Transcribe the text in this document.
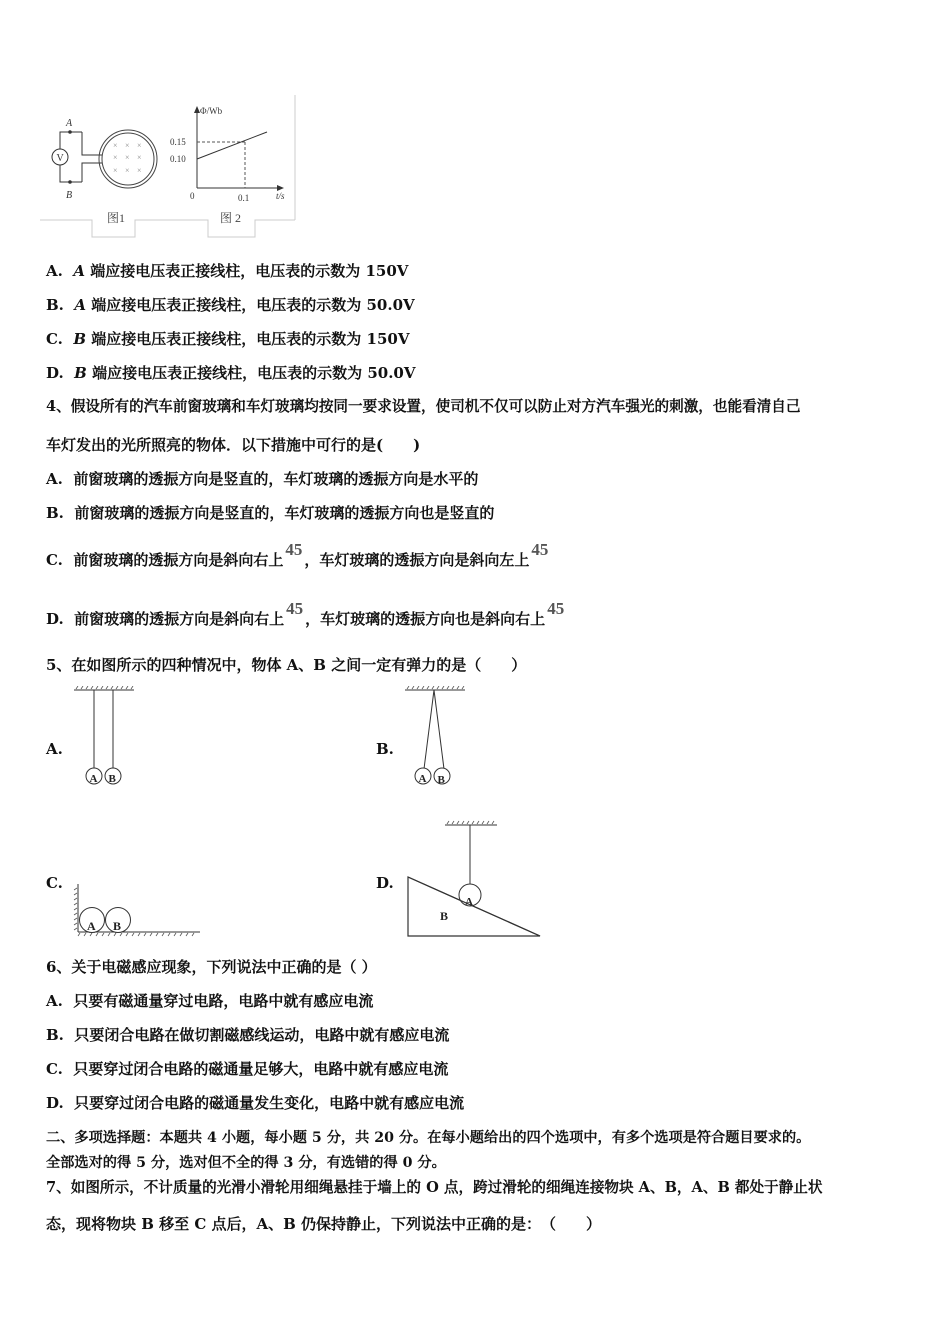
V
A
B
× × ×
× × ×
× × ×
图1
Φ/Wb
t/s
0
0.15
0.10
0.1
图 2
A. A 端应接电压表正接线柱，电压表的示数为 150V
B. A 端应接电压表正接线柱，电压表的示数为 50.0V
C. B 端应接电压表正接线柱，电压表的示数为 150V
D. B 端应接电压表正接线柱，电压表的示数为 50.0V
4、假设所有的汽车前窗玻璃和车灯玻璃均按同一要求设置，使司机不仅可以防止对方汽车强光的刺激，也能看清自己
车灯发出的光所照亮的物体．以下措施中可行的是(　　)
A. 前窗玻璃的透振方向是竖直的，车灯玻璃的透振方向是水平的
B. 前窗玻璃的透振方向是竖直的，车灯玻璃的透振方向也是竖直的
C. 前窗玻璃的透振方向是斜向右上45，车灯玻璃的透振方向是斜向左上45
D. 前窗玻璃的透振方向是斜向右上45，车灯玻璃的透振方向也是斜向右上45
5、在如图所示的四种情况中，物体 A、B 之间一定有弹力的是（　　）
A.
A B
B.
A B
C.
A B
D.
A
B
6、关于电磁感应现象，下列说法中正确的是（ ）
A. 只要有磁通量穿过电路，电路中就有感应电流
B. 只要闭合电路在做切割磁感线运动，电路中就有感应电流
C. 只要穿过闭合电路的磁通量足够大，电路中就有感应电流
D. 只要穿过闭合电路的磁通量发生变化，电路中就有感应电流
二、多项选择题：本题共 4 小题，每小题 5 分，共 20 分。在每小题给出的四个选项中，有多个选项是符合题目要求的。
全部选对的得 5 分，选对但不全的得 3 分，有选错的得 0 分。
7、如图所示，不计质量的光滑小滑轮用细绳悬挂于墙上的 O 点，跨过滑轮的细绳连接物块 A、B，A、B 都处于静止状
态，现将物块 B 移至 C 点后，A、B 仍保持静止，下列说法中正确的是：　（　　）
